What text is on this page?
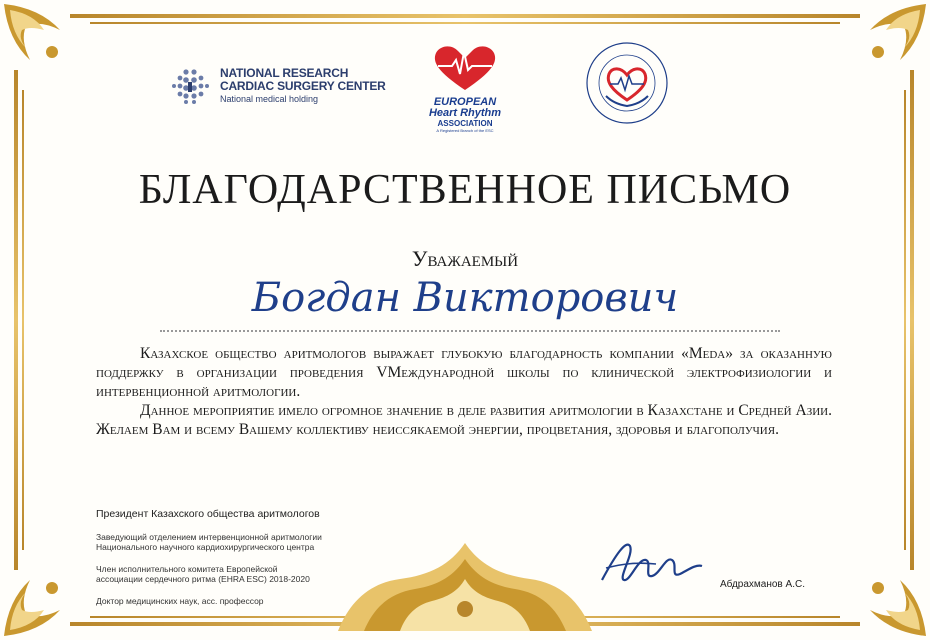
NATIONAL RESEARCH
CARDIAC SURGERY CENTER
National medical holding	EUROPEAN
Heart Rhythm
ASSOCIATION
A Registered Branch of the ESC
БЛАГОДАРСТВЕННОЕ ПИСЬМО
Уважаемый
Богдан Викторович

Казахское общество аритмологов выражает глубокую благодарность компании «Meda» за оказанную поддержку в организации проведения VМеждународной школы по клинической электрофизиологии и интервенционной аритмологии.

Данное мероприятие имело огромное значение в деле развития аритмологии в Казахстане и Средней Азии.

Желаем Вам и всему Вашему коллективу неиссякаемой энергии, процветания, здоровья и благополучия.

Президент Казахского общества аритмологов
Заведующий отделением интервенционной аритмологии
Национального научного кардиохирургического центра
Член исполнительного комитета Европейской
ассоциации сердечного ритма (EHRA ESC) 2018-2020
Доктор медицинских наук, асс. профессор
Абдрахманов А.С.
